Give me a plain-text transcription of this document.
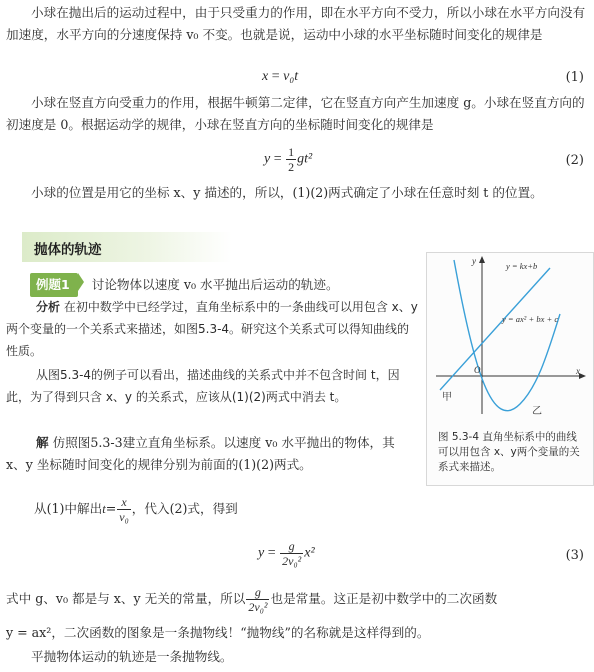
小球在抛出后的运动过程中，由于只受重力的作用，即在水平方向不受力，所以小球在水平方向没有加速度，水平方向的分速度保持 v₀ 不变。也就是说，运动中小球的水平坐标随时间变化的规律是

x = v₀t	(1)

小球在竖直方向受重力的作用，根据牛顿第二定律，它在竖直方向产生加速度 g。小球在竖直方向的初速度是 0。根据运动学的规律，小球在竖直方向的坐标随时间变化的规律是

$y = \frac{1}{2} gt^2$	(2)

小球的位置是用它的坐标 x、y 描述的，所以，(1)(2)两式确定了小球在任意时刻 t 的位置。

抛体的轨迹
例题1 讨论物体以速度 v₀ 水平抛出后运动的轨迹。
分析 在初中数学中已经学过，直角坐标系中的一条曲线可以用包含 x、y 两个变量的一个关系式来描述，如图5.3-4。研究这个关系式可以得知曲线的性质。
从图5.3-4的例子可以看出，描述曲线的关系式中并不包含时间 t，因此，为了得到只含 x、y 的关系式，应该从(1)(2)两式中消去 t。
解 仿照图5.3-3建立直角坐标系。以速度 v₀ 水平抛出的物体，其 x、y 坐标随时间变化的规律分别为前面的(1)(2)两式。
从(1)中解出$t= \frac{x}{\text{v₀}}$ ，代入(2)式，得到
$y = \frac{g}{\text{2v₀²}} x^2$	(3)
式中 g、v₀ 都是与 x、y 无关的常量，所以 $\frac{g}{\text{2v₀²}}$ 也是常量。这正是初中数学中的二次函数

y = ax²，二次函数的图象是一条抛物线！“抛物线”的名称就是这样得到的。

平抛物体运动的轨迹是一条抛物线。

y
x
O
y = kx+b
y = ax² + bx + c
甲
乙
图 5.3-4 直角坐标系中的曲线可以用包含 x、y两个变量的关系式来描述。
